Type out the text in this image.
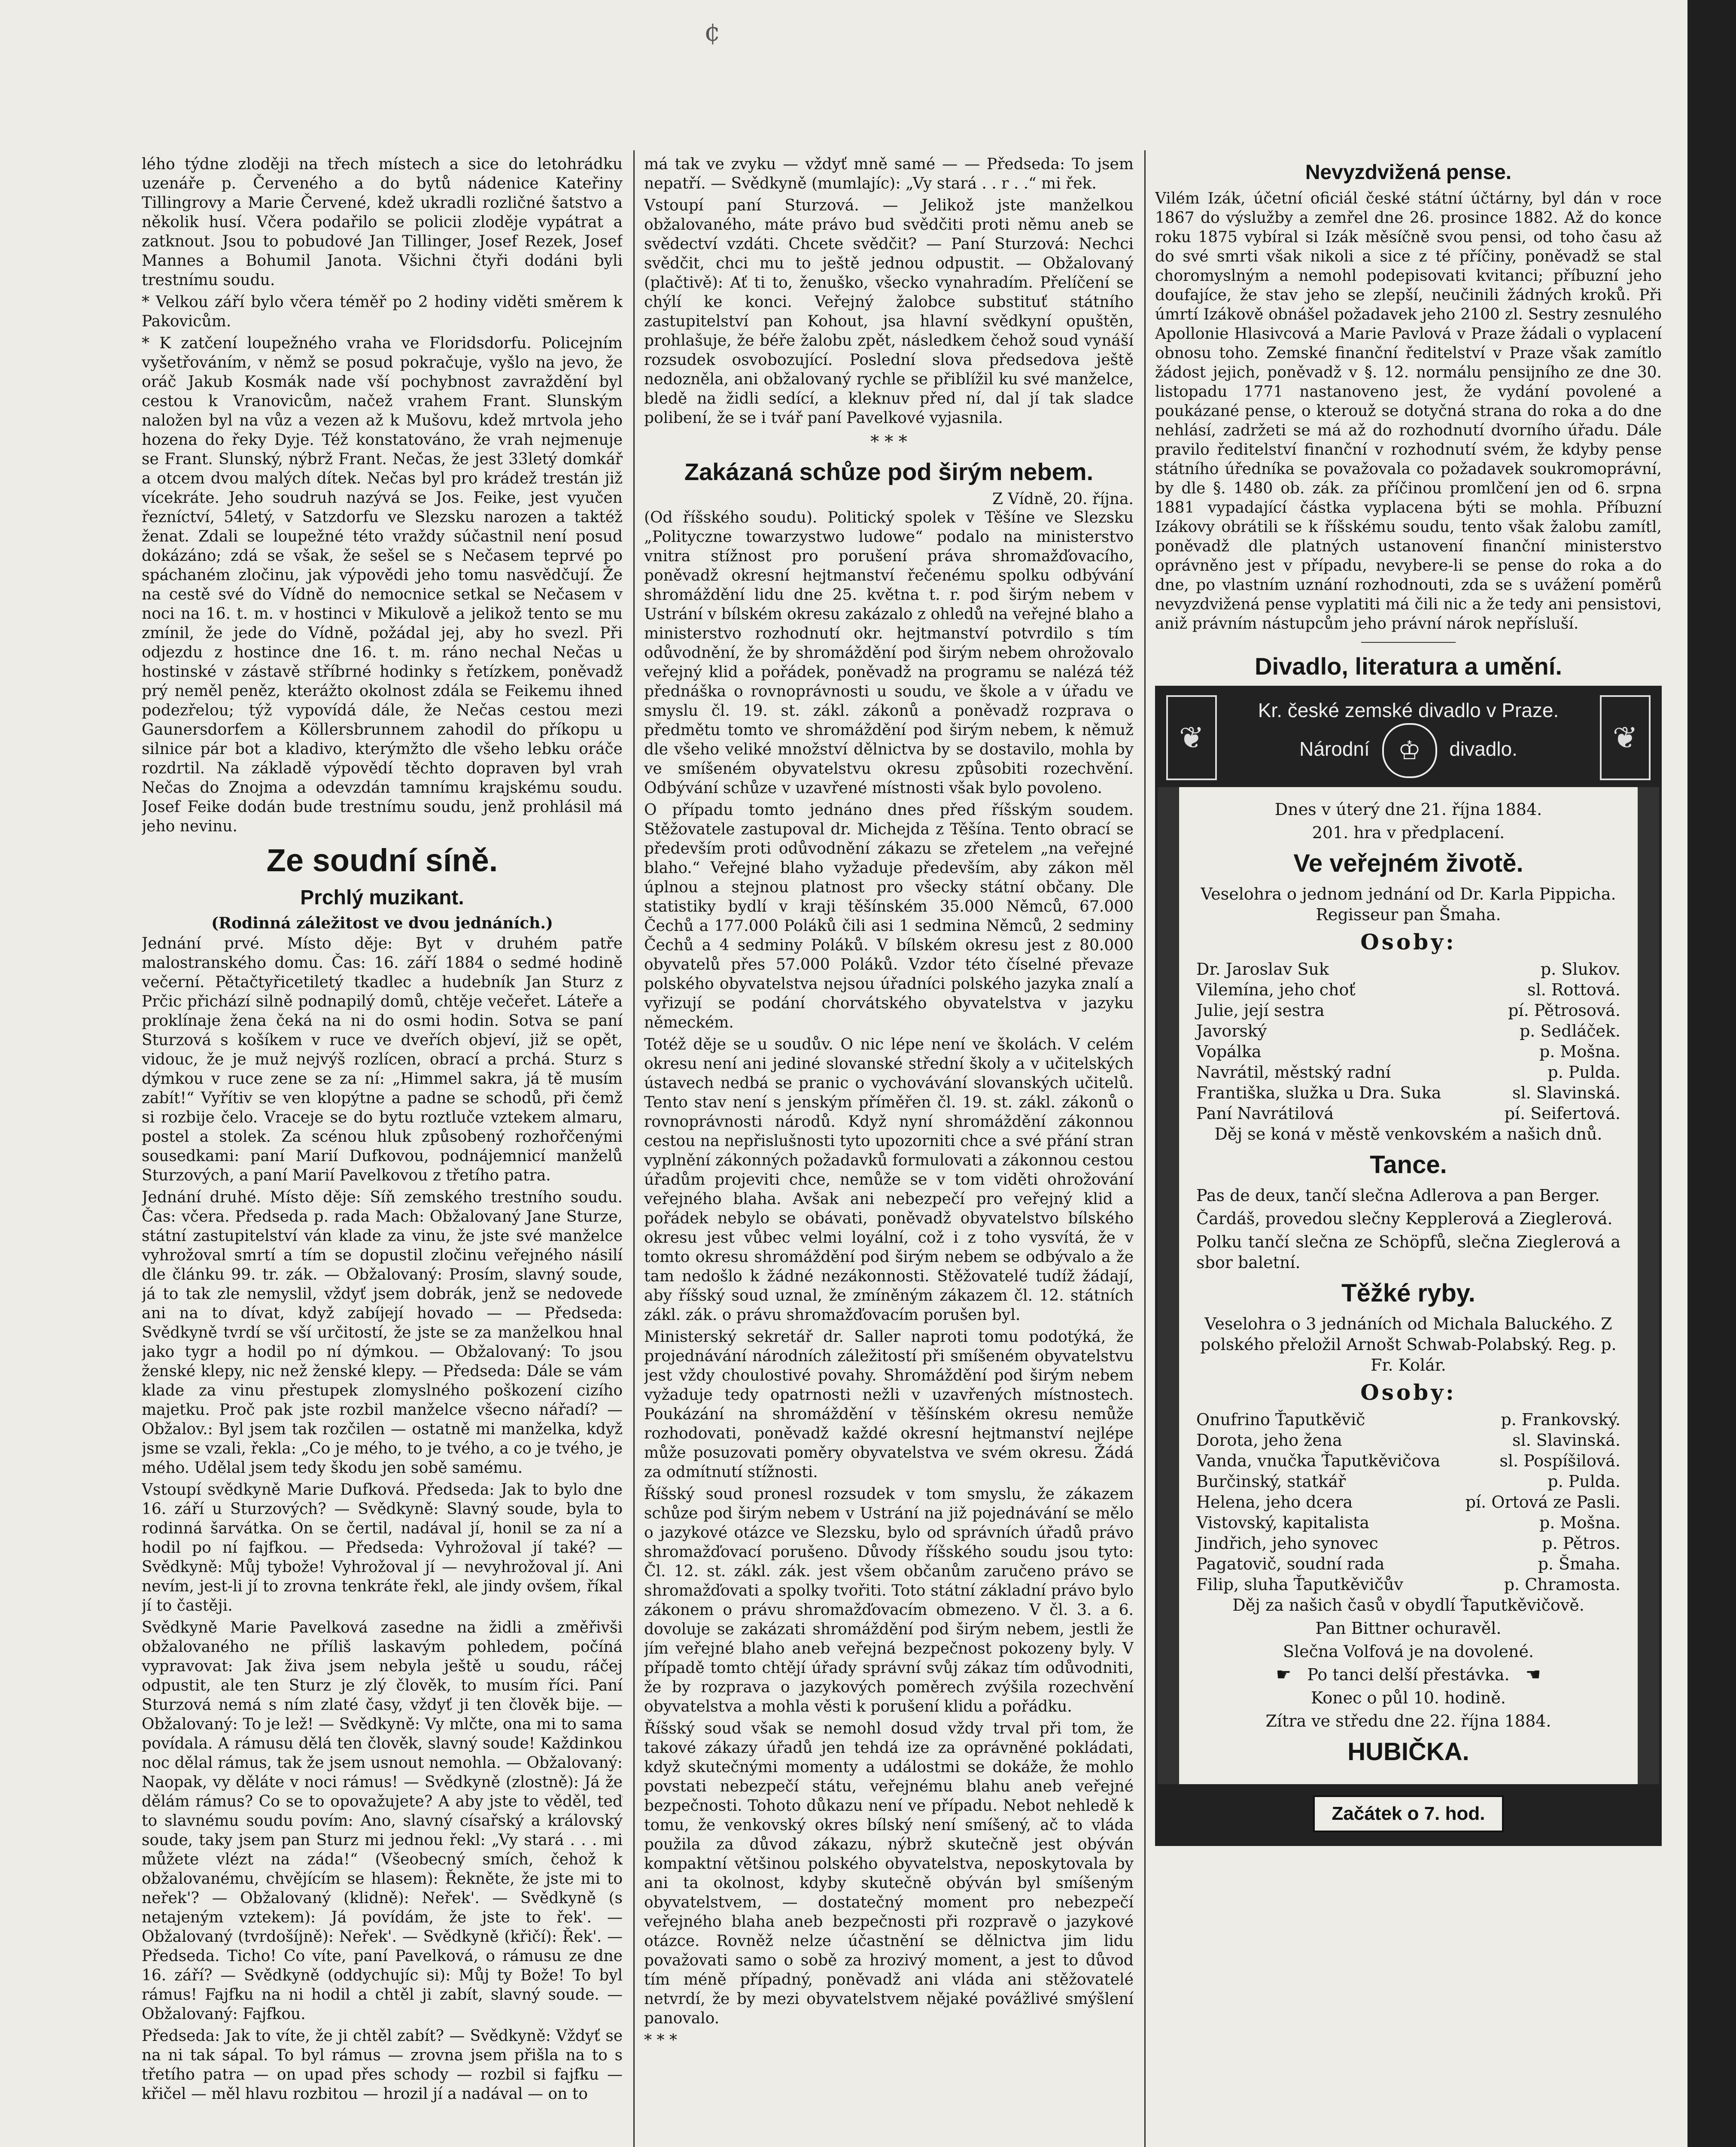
¢

lého týdne zloději na třech místech a sice do letohrádku uzenáře p. Červeného a do bytů nádenice Kateřiny Tillingrovy a Marie Červené, kdež ukradli rozličné šatstvo a několik husí. Včera podařilo se policii zloděje vypátrat a zatknout. Jsou to pobudové Jan Tillinger, Josef Rezek, Josef Mannes a Bohumil Janota. Všichni čtyři dodáni byli trestnímu soudu.

* Velkou září bylo včera téměř po 2 hodiny viděti směrem k Pakovicům.

* K zatčení loupežného vraha ve Floridsdorfu. Policejním vyšetřováním, v němž se posud pokračuje, vyšlo na jevo, že oráč Jakub Kosmák nade vší pochybnost zavraždění byl cestou k Vranovicům, načež vrahem Frant. Slunským naložen byl na vůz a vezen až k Mušovu, kdež mrtvola jeho hozena do řeky Dyje. Též konstatováno, že vrah nejmenuje se Frant. Slunský, nýbrž Frant. Nečas, že jest 33letý domkář a otcem dvou malých dítek. Nečas byl pro krádež trestán již vícekráte. Jeho soudruh nazývá se Jos. Feike, jest vyučen řezníctví, 54letý, v Satzdorfu ve Slezsku narozen a taktéž ženat. Zdali se loupežné této vraždy súčastnil není posud dokázáno; zdá se však, že sešel se s Nečasem teprvé po spáchaném zločinu, jak výpovědi jeho tomu nasvědčují. Že na cestě své do Vídně do nemocnice setkal se Nečasem v noci na 16. t. m. v hostinci v Mikulově a jelikož tento se mu zmínil, že jede do Vídně, požádal jej, aby ho svezl. Při odjezdu z hostince dne 16. t. m. ráno nechal Nečas u hostinské v zástavě stříbrné hodinky s řetízkem, poněvadž prý neměl peněz, kterážto okolnost zdála se Feikemu ihned podezřelou; týž vypovídá dále, že Nečas cestou mezi Gaunersdorfem a Köllersbrunnem zahodil do příkopu u silnice pár bot a kladivo, kterýmžto dle všeho lebku oráče rozdrtil. Na základě výpovědí těchto dopraven byl vrah Nečas do Znojma a odevzdán tamnímu krajskému soudu. Josef Feike dodán bude trestnímu soudu, jenž prohlásil má jeho nevinu.

Ze soudní síně.
Prchlý muzikant.
(Rodinná záležitost ve dvou jednáních.)

Jednání prvé. Místo děje: Byt v druhém patře malostranského domu. Čas: 16. září 1884 o sedmé hodině večerní. Pětačtyřicetiletý tkadlec a hudebník Jan Sturz z Prčic přichází silně podnapilý domů, chtěje večeřet. Láteře a proklínaje žena čeká na ni do osmi hodin. Sotva se paní Sturzová s košíkem v ruce ve dveřích objeví, již se opět, vidouc, že je muž nejvýš rozlícen, obrací a prchá. Sturz s dýmkou v ruce zene se za ní: „Himmel sakra, já tě musím zabít!“ Vyřítiv se ven klopýtne a padne se schodů, při čemž si rozbije čelo. Vraceje se do bytu roztluče vztekem almaru, postel a stolek. Za scénou hluk způsobený rozhořčenými sousedkami: paní Marií Dufkovou, podnájemnicí manželů Sturzových, a paní Marií Pavelkovou z třetího patra.

Jednání druhé. Místo děje: Síň zemského trestního soudu. Čas: včera. Předseda p. rada Mach: Obžalovaný Jane Sturze, státní zastupitelství ván klade za vinu, že jste své manželce vyhrožoval smrtí a tím se dopustil zločinu veřejného násilí dle článku 99. tr. zák. — Obžalovaný: Prosím, slavný soude, já to tak zle nemyslil, vždyť jsem dobrák, jenž se nedovede ani na to dívat, když zabíjejí hovado — — Předseda: Svědkyně tvrdí se vší určitostí, že jste se za manželkou hnal jako tygr a hodil po ní dýmkou. — Obžalovaný: To jsou ženské klepy, nic než ženské klepy. — Předseda: Dále se vám klade za vinu přestupek zlomyslného poškození cizího majetku. Proč pak jste rozbil manželce všecno nářadí? — Obžalov.: Byl jsem tak rozčilen — ostatně mi manželka, když jsme se vzali, řekla: „Co je mého, to je tvého, a co je tvého, je mého. Udělal jsem tedy škodu jen sobě samému.

Vstoupí svědkyně Marie Dufková. Předseda: Jak to bylo dne 16. září u Sturzových? — Svědkyně: Slavný soude, byla to rodinná šarvátka. On se čertil, nadával jí, honil se za ní a hodil po ní fajfkou. — Předseda: Vyhrožoval jí také? — Svědkyně: Můj tybože! Vyhrožoval jí — nevyhrožoval jí. Ani nevím, jest-li jí to zrovna tenkráte řekl, ale jindy ovšem, říkal jí to častěji.

Svědkyně Marie Pavelková zasedne na židli a změřivši obžalovaného ne příliš laskavým pohledem, počíná vypravovat: Jak živa jsem nebyla ještě u soudu, ráčej odpustit, ale ten Sturz je zlý člověk, to musím říci. Paní Sturzová nemá s ním zlaté časy, vždyť ji ten člověk bije. — Obžalovaný: To je lež! — Svědkyně: Vy mlčte, ona mi to sama povídala. A rámusu dělá ten člověk, slavný soude! Každinkou noc dělal rámus, tak že jsem usnout nemohla. — Obžalovaný: Naopak, vy děláte v noci rámus! — Svědkyně (zlostně): Já že dělám rámus? Co se to opovažujete? A aby jste to věděl, teď to slavnému soudu povím: Ano, slavný císařský a královský soude, taky jsem pan Sturz mi jednou řekl: „Vy stará . . . mi můžete vlézt na záda!“ (Všeobecný smích, čehož k obžalovanému, chvějícím se hlasem): Řekněte, že jste mi to neřek'? — Obžalovaný (klidně): Neřek'. — Svědkyně (s netajeným vztekem): Já povídám, že jste to řek'. — Obžalovaný (tvrdošíjně): Neřek'. — Svědkyně (křičí): Řek'. — Předseda. Ticho! Co víte, paní Pavelková, o rámusu ze dne 16. září? — Svědkyně (oddychujíc si): Můj ty Bože! To byl rámus! Fajfku na ni hodil a chtěl ji zabít, slavný soude. — Obžalovaný: Fajfkou.

Předseda: Jak to víte, že ji chtěl zabít? — Svědkyně: Vždyť se na ni tak sápal. To byl rámus — zrovna jsem přišla na to s třetího patra — on upad přes schody — rozbil si fajfku — křičel — měl hlavu rozbitou — hrozil jí a nadával — on to

má tak ve zvyku — vždyť mně samé — — Předseda: To jsem nepatří. — Svědkyně (mumlajíc): „Vy stará . . r . .“ mi řek.

Vstoupí paní Sturzová. — Jelikož jste manželkou obžalovaného, máte právo bud svědčiti proti němu aneb se svědectví vzdáti. Chcete svědčit? — Paní Sturzová: Nechci svědčit, chci mu to ještě jednou odpustit. — Obžalovaný (plačtivě): Ať ti to, ženuško, všecko vynahradím. Přelíčení se chýlí ke konci. Veřejný žalobce substituť státního zastupitelství pan Kohout, jsa hlavní svědkyní opuštěn, prohlašuje, že béře žalobu zpět, následkem čehož soud vynáší rozsudek osvobozující. Poslední slova předsedova ještě nedozněla, ani obžalovaný rychle se přiblížil ku své manželce, bledě na židli sedící, a kleknuv před ní, dal jí tak sladce polibení, že se i tvář paní Pavelkové vyjasnila.

* * *
Zakázaná schůze pod širým nebem.
Z Vídně, 20. října.

(Od říšského soudu). Politický spolek v Těšíne ve Slezsku „Polityczne towarzystwo ludowe“ podalo na ministerstvo vnitra stížnost pro porušení práva shromažďovacího, poněvadž okresní hejtmanství řečenému spolku odbývání shromáždění lidu dne 25. května t. r. pod širým nebem v Ustrání v bílském okresu zakázalo z ohledů na veřejné blaho a ministerstvo rozhodnutí okr. hejtmanství potvrdilo s tím odůvodnění, že by shromáždění pod širým nebem ohrožovalo veřejný klid a pořádek, poněvadž na programu se nalézá též přednáška o rovnoprávnosti u soudu, ve škole a v úřadu ve smyslu čl. 19. st. zákl. zákonů a poněvadž rozprava o předmětu tomto ve shromáždění pod širým nebem, k němuž dle všeho veliké množství dělnictva by se dostavilo, mohla by ve smíšeném obyvatelstvu okresu způsobiti rozechvění. Odbývání schůze v uzavřené místnosti však bylo povoleno.

O případu tomto jednáno dnes před říšským soudem. Stěžovatele zastupoval dr. Michejda z Těšína. Tento obrací se především proti odůvodnění zákazu se zřetelem „na veřejné blaho.“ Veřejné blaho vyžaduje především, aby zákon měl úplnou a stejnou platnost pro všecky státní občany. Dle statistiky bydlí v kraji těšínském 35.000 Němců, 67.000 Čechů a 177.000 Poláků čili asi 1 sedmina Němců, 2 sedminy Čechů a 4 sedminy Poláků. V bílském okresu jest z 80.000 obyvatelů přes 57.000 Poláků. Vzdor této číselné převaze polského obyvatelstva nejsou úřadníci polského jazyka znalí a vyřizují se podání chorvátského obyvatelstva v jazyku německém.

Totéž děje se u soudův. O nic lépe není ve školách. V celém okresu není ani jediné slovanské střední školy a v učitelských ústavech nedbá se pranic o vychovávání slovanských učitelů. Tento stav není s jenským příměřen čl. 19. st. zákl. zákonů o rovnoprávnosti národů. Když nyní shromáždění zákonnou cestou na nepřislušnosti tyto upozorniti chce a své přání stran vyplnění zákonných požadavků formulovati a zákonnou cestou úřadům projeviti chce, nemůže se v tom viděti ohrožování veřejného blaha. Avšak ani nebezpečí pro veřejný klid a pořádek nebylo se obávati, poněvadž obyvatelstvo bílského okresu jest vůbec velmi loyální, což i z toho vysvítá, že v tomto okresu shromáždění pod širým nebem se odbývalo a že tam nedošlo k žádné nezákonnosti. Stěžovatelé tudíž žádají, aby říšský soud uznal, že zmíněným zákazem čl. 12. státních zákl. zák. o právu shromažďovacím porušen byl.

Ministerský sekretář dr. Saller naproti tomu podotýká, že projednávání národních záležitostí při smíšeném obyvatelstvu jest vždy choulostivé povahy. Shromáždění pod širým nebem vyžaduje tedy opatrnosti nežli v uzavřených místnostech. Poukázání na shromáždění v těšínském okresu nemůže rozhodovati, poněvadž každé okresní hejtmanství nejlépe může posuzovati poměry obyvatelstva ve svém okresu. Žádá za odmítnutí stížnosti.

Říšský soud pronesl rozsudek v tom smyslu, že zákazem schůze pod širým nebem v Ustrání na již pojednávání se mělo o jazykové otázce ve Slezsku, bylo od správních úřadů právo shromažďovací porušeno. Důvody říšského soudu jsou tyto: Čl. 12. st. zákl. zák. jest všem občanům zaručeno právo se shromažďovati a spolky tvořiti. Toto státní základní právo bylo zákonem o právu shromažďovacím obmezeno. V čl. 3. a 6. dovoluje se zakázati shromáždění pod širým nebem, jestli že jím veřejné blaho aneb veřejná bezpečnost pokozeny byly. V případě tomto chtějí úřady správní svůj zákaz tím odůvodniti, že by rozprava o jazykových poměrech zvýšila rozechvění obyvatelstva a mohla věsti k porušení klidu a pořádku.

Říšský soud však se nemohl dosud vždy trval při tom, že takové zákazy úřadů jen tehdá ize za oprávněné pokládati, když skutečnými momenty a událostmi se dokáže, že mohlo povstati nebezpečí státu, veřejnému blahu aneb veřejné bezpečnosti. Tohoto důkazu není ve případu. Nebot nehledě k tomu, že venkovský okres bílský není smíšený, ač to vláda použila za důvod zákazu, nýbrž skutečně jest obýván kompaktní většinou polského obyvatelstva, neposkytovala by ani ta okolnost, kdyby skutečně obýván byl smíšeným obyvatelstvem, — dostatečný moment pro nebezpečí veřejného blaha aneb bezpečnosti při rozpravě o jazykové otázce. Rovněž nelze účastnění se dělnictva jim lidu považovati samo o sobě za hrozivý moment, a jest to důvod tím méně případný, poněvadž ani vláda ani stěžovatelé netvrdí, že by mezi obyvatelstvem nějaké povážlivé smýšlení panovalo.

* * *

Nevyzdvižená pense.

Vilém Izák, účetní oficiál české státní účtárny, byl dán v roce 1867 do výslužby a zemřel dne 26. prosince 1882. Až do konce roku 1875 vybíral si Izák měsíčně svou pensi, od toho času až do své smrti však nikoli a sice z té příčiny, poněvadž se stal choromyslným a nemohl podepisovati kvitanci; příbuzní jeho doufajíce, že stav jeho se zlepší, neučinili žádných kroků. Při úmrtí Izákově obnášel požadavek jeho 2100 zl. Sestry zesnulého Apollonie Hlasivcová a Marie Pavlová v Praze žádali o vyplacení obnosu toho. Zemské finanční ředitelství v Praze však zamítlo žádost jejich, poněvadž v §. 12. normálu pensijního ze dne 30. listopadu 1771 nastanoveno jest, že vydání povolené a poukázané pense, o kterouž se dotyčná strana do roka a do dne nehlásí, zadržeti se má až do rozhodnutí dvorního úřadu. Dále pravilo ředitelství finanční v rozhodnutí svém, že kdyby pense státního úředníka se považovala co požadavek soukromoprávní, by dle §. 1480 ob. zák. za příčinou promlčení jen od 6. srpna 1881 vypadající částka vyplacena býti se mohla. Příbuzní Izákovy obrátili se k říšskému soudu, tento však žalobu zamítl, poněvadž dle platných ustanovení finanční ministerstvo oprávněno jest v případu, nevybere-li se pense do roka a do dne, po vlastním uznání rozhodnouti, zda se s uvážení poměrů nevyzdvižená pense vyplatiti má čili nic a že tedy ani pensistovi, aniž právním nástupcům jeho právní nárok nepřísluší.

Divadlo, literatura a umění.
❦
Kr. české zemské divadlo v Praze.
Národní ♔ divadlo.	❦

Dnes v úterý dne 21. října 1884.

201. hra v předplacení.

Ve veřejném životě.

Veselohra o jednom jednání od Dr. Karla Pippicha. Regisseur pan Šmaha.

Osoby:
Dr. Jaroslav Suk	p. Slukov.
Vilemína, jeho choť	sl. Rottová.
Julie, její sestra	pí. Pětrosová.
Javorský	p. Sedláček.
Vopálka	p. Mošna.
Navrátil, městský radní	p. Pulda.
Františka, služka u Dra. Suka	sl. Slavinská.
Paní Navrátilová	pí. Seifertová.

Děj se koná v městě venkovském a našich dnů.

Tance.

Pas de deux, tančí slečna Adlerova a pan Berger.

Čardáš, provedou slečny Kepplerová a Zieglerová.

Polku tančí slečna ze Schöpfů, slečna Zieglerová a sbor baletní.

Těžké ryby.

Veselohra o 3 jednáních od Michala Baluckého. Z polského přeložil Arnošt Schwab-Polabský. Reg. p. Fr. Kolár.

Osoby:
Onufrino Ťaputkěvič	p. Frankovský.
Dorota, jeho žena	sl. Slavinská.
Vanda, vnučka Ťaputkěvičova	sl. Pospíšilová.
Burčinský, statkář	p. Pulda.
Helena, jeho dcera	pí. Ortová ze Pasli.
Vistovský, kapitalista	p. Mošna.
Jindřich, jeho synovec	p. Pětros.
Pagatovič, soudní rada	p. Šmaha.
Filip, sluha Ťaputkěvičův	p. Chramosta.

Děj za našich časů v obydlí Ťaputkěvičově.

Pan Bittner ochuravěl.

Slečna Volfová je na dovolené.

☛ Po tanci delší přestávka. ☚

Konec o půl 10. hodině.

Zítra ve středu dne 22. října 1884.

HUBIČKA.
Začátek o 7. hod.
